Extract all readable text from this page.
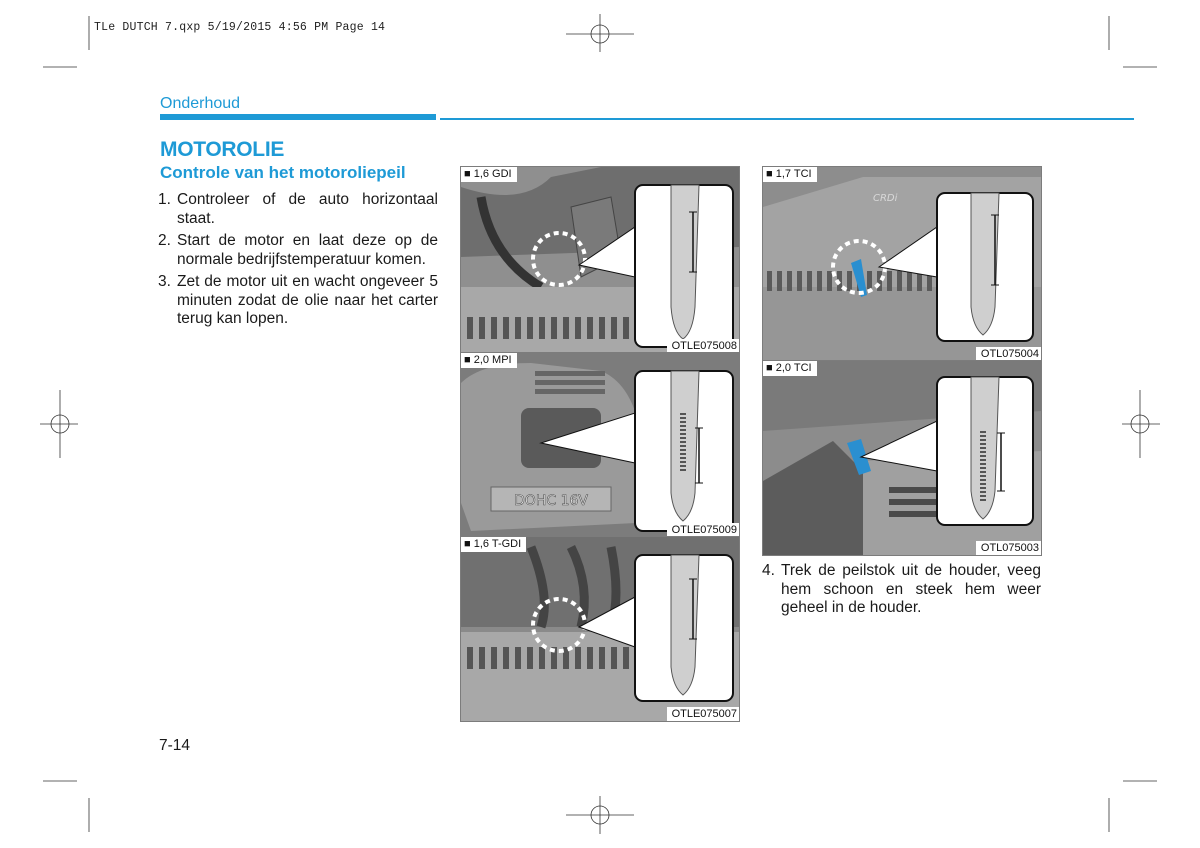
TLe DUTCH 7.qxp 5/19/2015 4:56 PM Page 14
Onderhoud
MOTOROLIE
Controle van het motoroliepeil
1. Controleer of de auto horizontaal staat.
2. Start de motor en laat deze op de normale bedrijfstemperatuur komen.
3. Zet de motor uit en wacht ongeveer 5 minuten zodat de olie naar het carter terug kan lopen.
■ 1,6 GDI
OTLE075008
DOHC 16V
■ 2,0 MPI
OTLE075009
■ 1,6 T-GDI
OTLE075007
CRDi
■ 1,7 TCI
OTL075004
■ 2,0 TCI
OTL075003
4. Trek de peilstok uit de houder, veeg hem schoon en steek hem weer geheel in de houder.
7-14
